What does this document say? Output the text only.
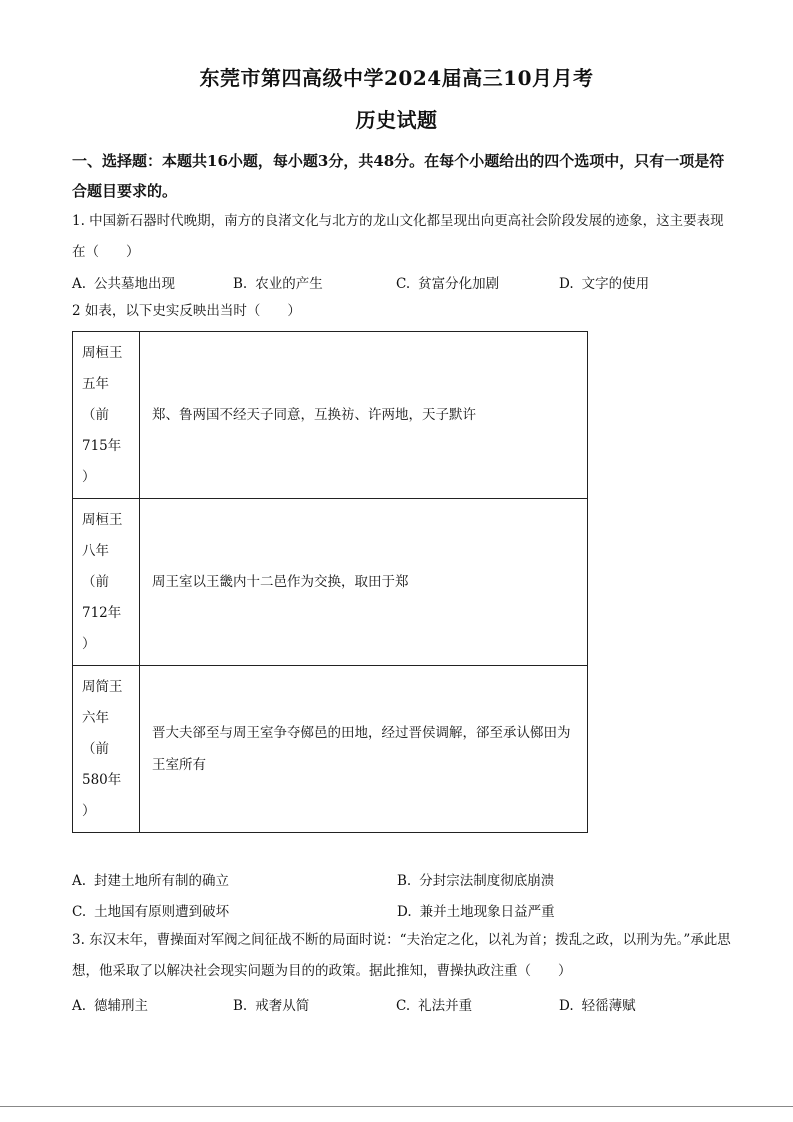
东莞市第四高级中学2024届高三10月月考
历史试题
一、选择题：本题共16小题，每小题3分，共48分。在每个小题给出的四个选项中，只有一项是符合题目要求的。
1. 中国新石器时代晚期，南方的良渚文化与北方的龙山文化都呈现出向更高社会阶段发展的迹象，这主要表现在（　　）
A. 公共墓地出现	B. 农业的产生	C. 贫富分化加剧	D. 文字的使用
2 如表，以下史实反映出当时（　　）
周桓王
五年
（前
715年
）	郑、鲁两国不经天子同意，互换祊、许两地，天子默许

周桓王
八年
（前
712年
）	周王室以王畿内十二邑作为交换，取田于郑

周简王
六年
（前
580年
）	晋大夫郤至与周王室争夺鄇邑的田地，经过晋侯调解，郤至承认鄇田为王室所有
A. 封建土地所有制的确立	B. 分封宗法制度彻底崩溃
C. 土地国有原则遭到破坏	D. 兼并土地现象日益严重
3. 东汉末年，曹操面对军阀之间征战不断的局面时说：“夫治定之化，以礼为首；拨乱之政，以刑为先。”承此思想，他采取了以解决社会现实问题为目的的政策。据此推知，曹操执政注重（　　）
A. 德辅刑主	B. 戒奢从简	C. 礼法并重	D. 轻徭薄赋
